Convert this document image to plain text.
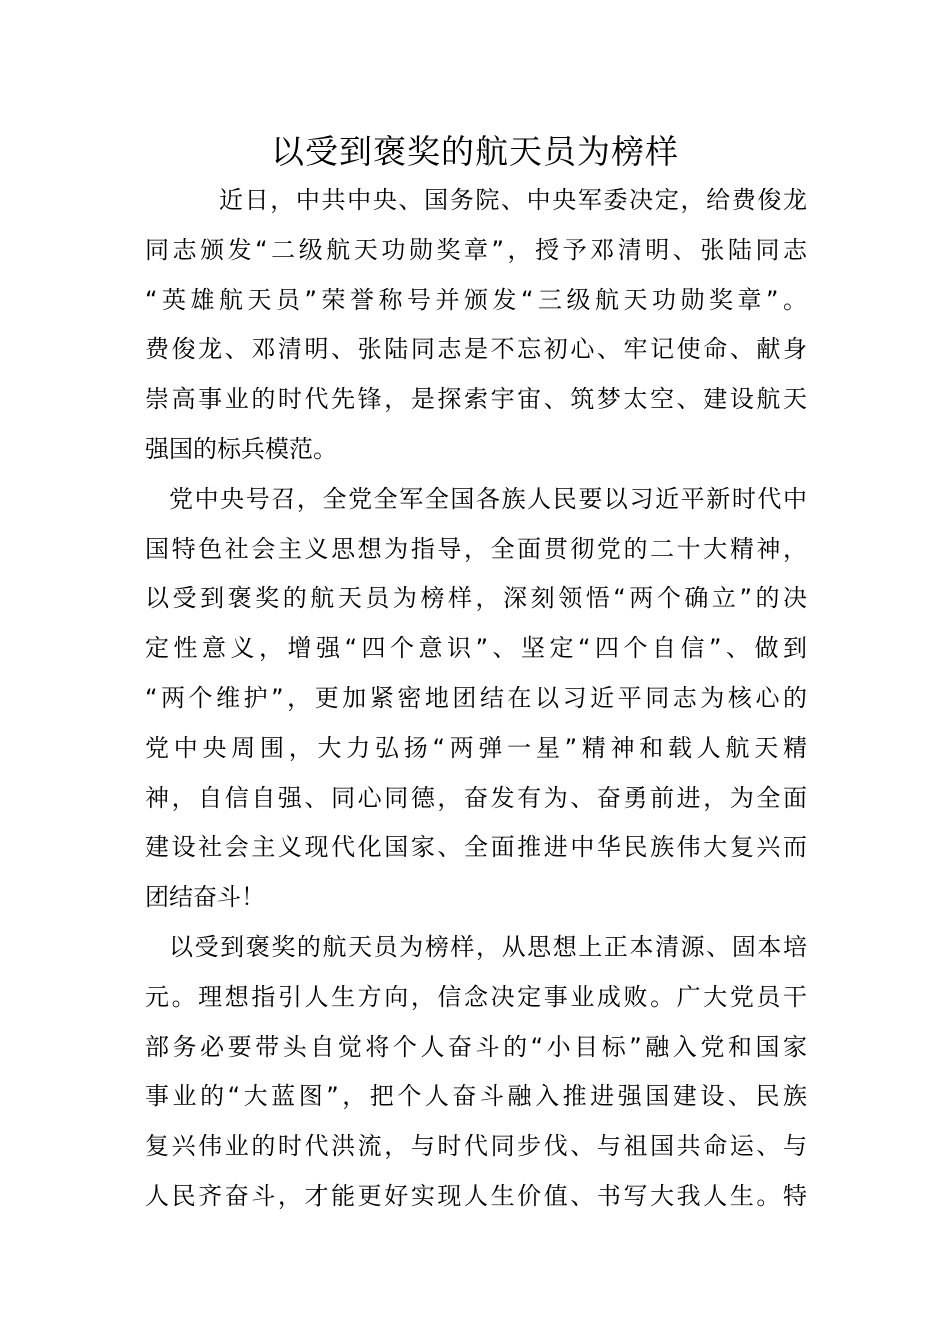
以受到褒奖的航天员为榜样
近日，中共中央、国务院、中央军委决定，给费俊龙
同志颁发“二级航天功勋奖章”，授予邓清明、张陆同志
“英雄航天员”荣誉称号并颁发“三级航天功勋奖章”。
费俊龙、邓清明、张陆同志是不忘初心、牢记使命、献身
崇高事业的时代先锋，是探索宇宙、筑梦太空、建设航天
强国的标兵模范。
党中央号召，全党全军全国各族人民要以习近平新时代中
国特色社会主义思想为指导，全面贯彻党的二十大精神，
以受到褒奖的航天员为榜样，深刻领悟“两个确立”的决
定性意义，增强“四个意识”、坚定“四个自信”、做到
“两个维护”，更加紧密地团结在以习近平同志为核心的
党中央周围，大力弘扬“两弹一星”精神和载人航天精
神，自信自强、同心同德，奋发有为、奋勇前进，为全面
建设社会主义现代化国家、全面推进中华民族伟大复兴而
团结奋斗！
以受到褒奖的航天员为榜样，从思想上正本清源、固本培
元。理想指引人生方向，信念决定事业成败。广大党员干
部务必要带头自觉将个人奋斗的“小目标”融入党和国家
事业的“大蓝图”，把个人奋斗融入推进强国建设、民族
复兴伟业的时代洪流，与时代同步伐、与祖国共命运、与
人民齐奋斗，才能更好实现人生价值、书写大我人生。特
